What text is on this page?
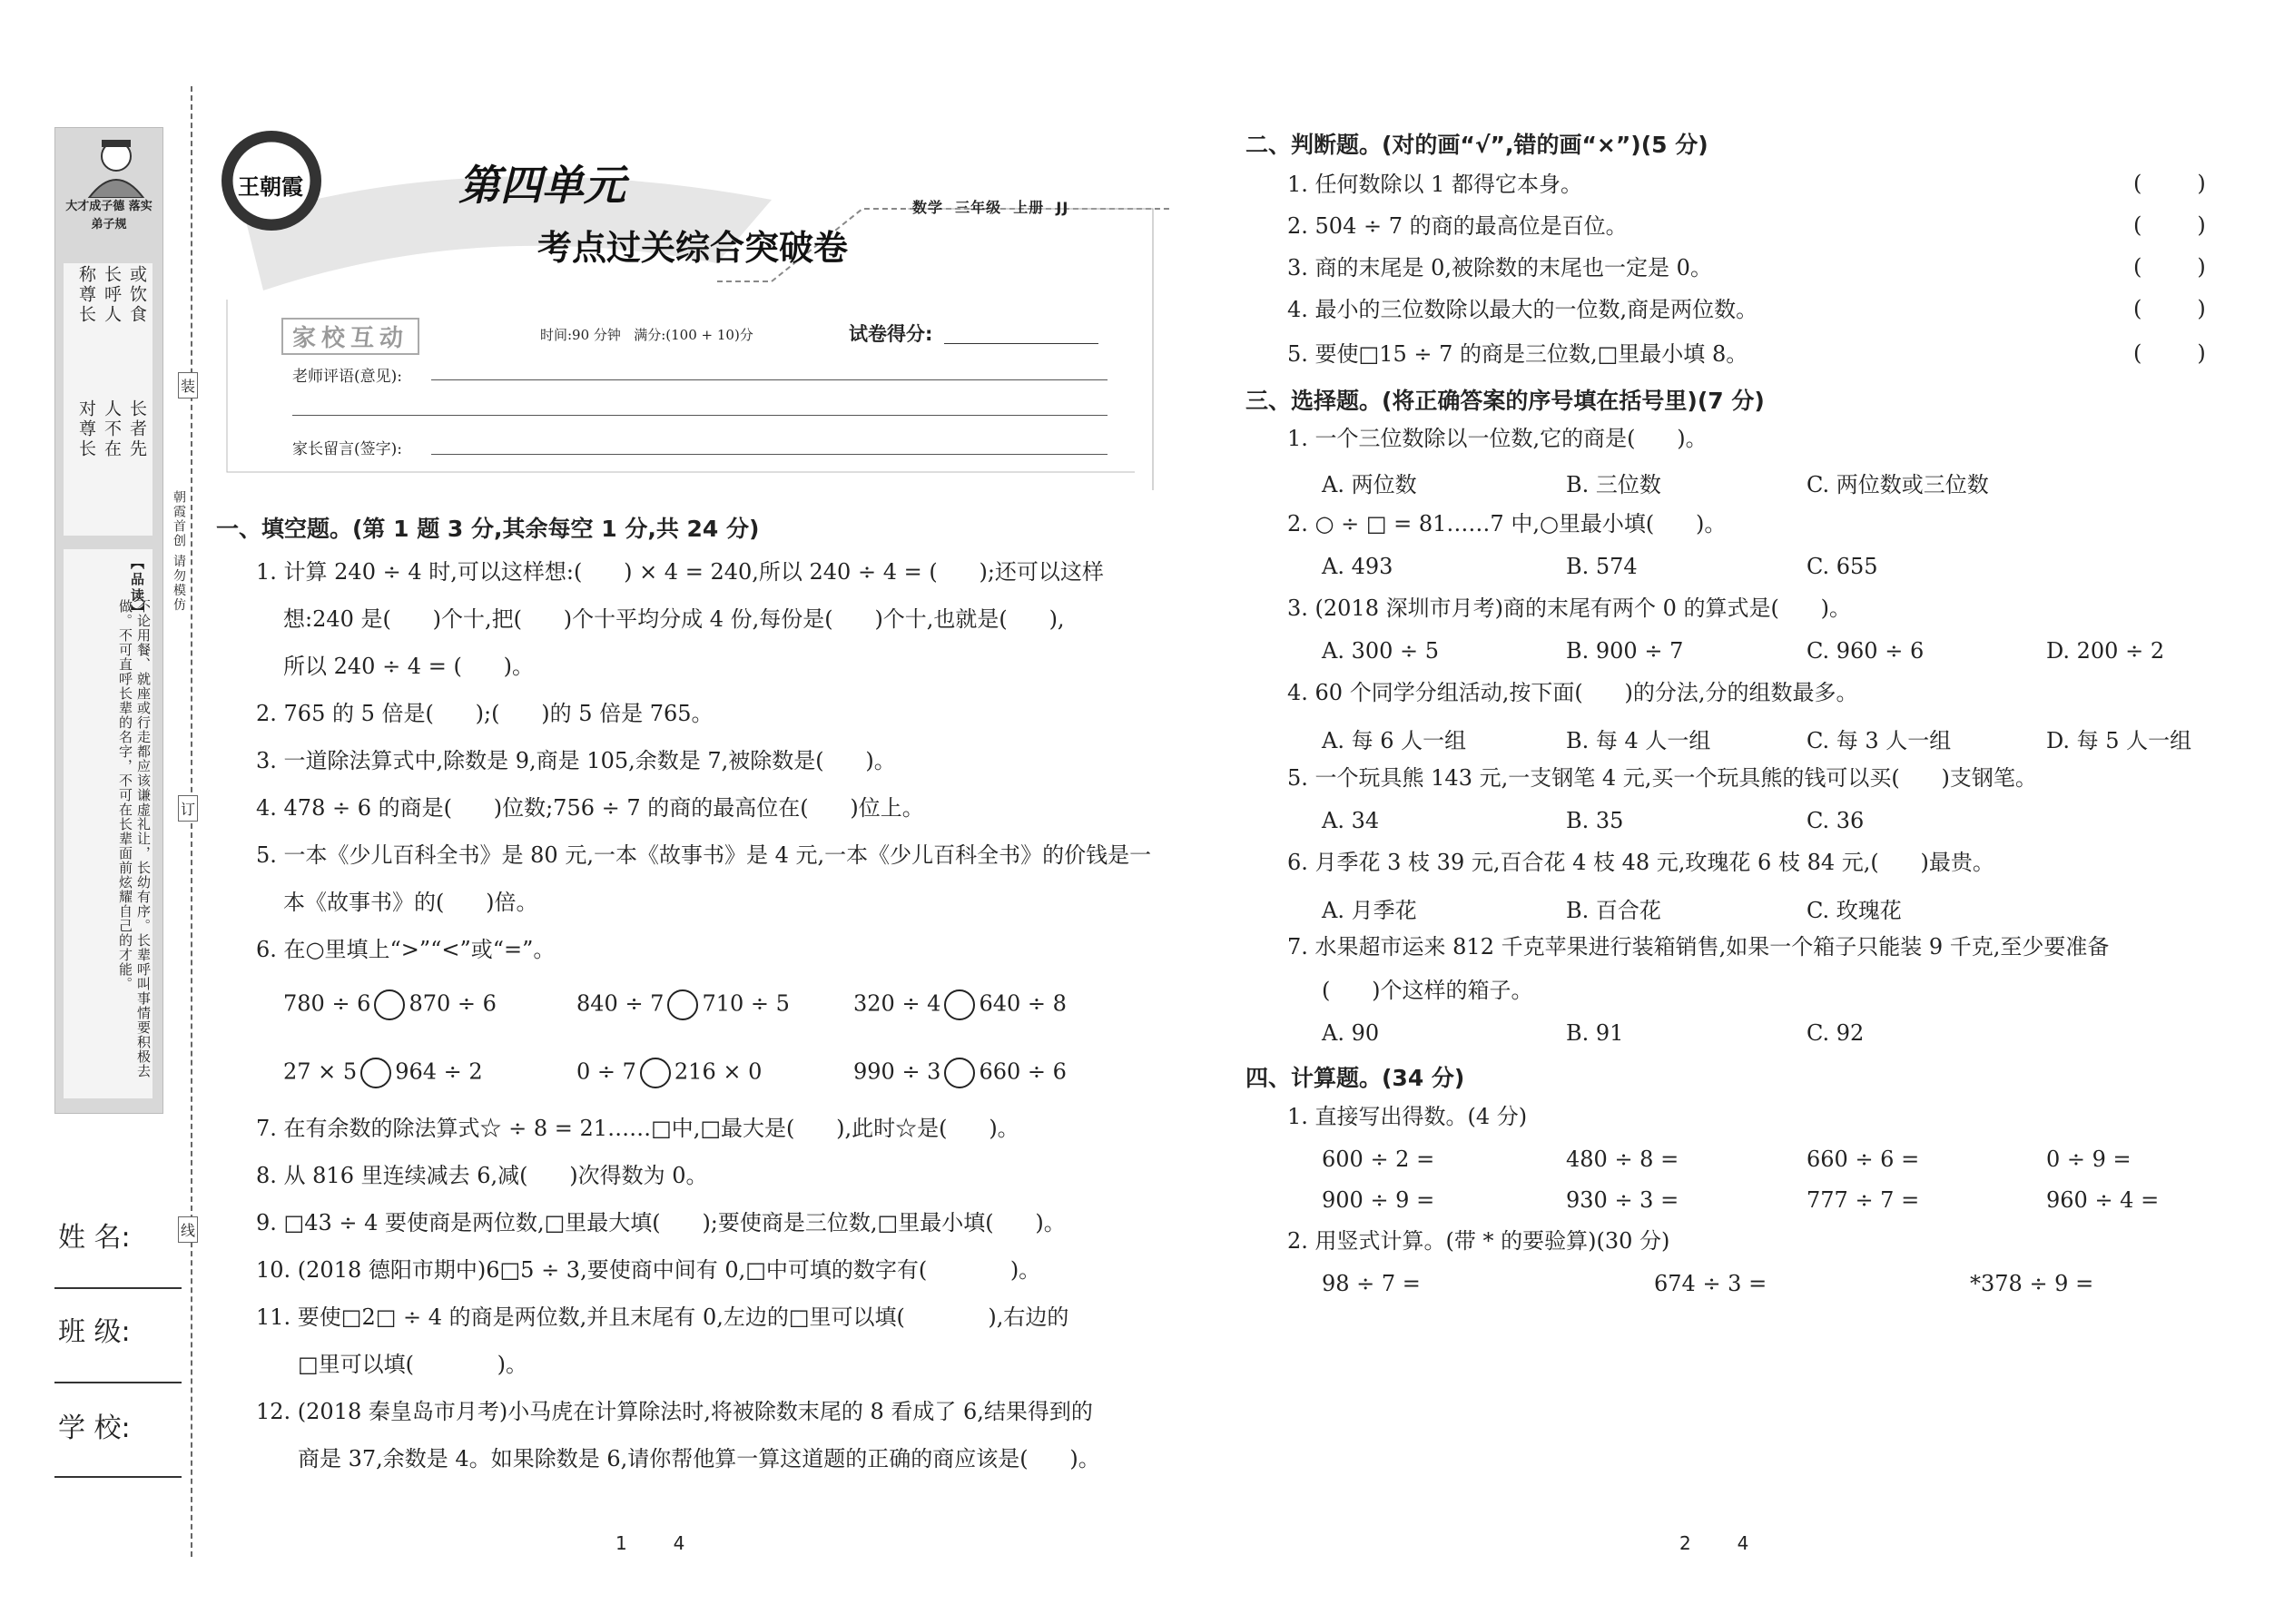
大才成子德 落实弟子规
或饮食
长者先
长呼人
人不在
称尊长
对尊长
【品读】
不论用餐、就座或行走都应该谦虚礼让，长幼有序。长辈呼叫事情要积极去做。不可直呼长辈的名字，不可在长辈面前炫耀自己的才能。
朝霞首创 请勿模仿
装
订
线
姓 名:
班 级:
学 校:
王朝霞	第四单元
考点过关综合突破卷
数学  三年级  上册  JJ
家校互动	时间:90 分钟   满分:(100 + 10)分	试卷得分:
老师评语(意见):
家长留言(签字):
一、填空题。(第 1 题 3 分,其余每空 1 分,共 24 分)
1. 计算 240 ÷ 4 时,可以这样想:(      ) × 4 = 240,所以 240 ÷ 4 = (      );还可以这样
想:240 是(      )个十,把(      )个十平均分成 4 份,每份是(      )个十,也就是(      ),
所以 240 ÷ 4 = (      )。
2. 765 的 5 倍是(      );(      )的 5 倍是 765。
3. 一道除法算式中,除数是 9,商是 105,余数是 7,被除数是(      )。
4. 478 ÷ 6 的商是(      )位数;756 ÷ 7 的商的最高位在(      )位上。
5. 一本《少儿百科全书》是 80 元,一本《故事书》是 4 元,一本《少儿百科全书》的价钱是一
本《故事书》的(      )倍。
6. 在○里填上“>”“<”或“=”。
780 ÷ 6 870 ÷ 6	840 ÷ 7 710 ÷ 5	320 ÷ 4 640 ÷ 8
27 × 5 964 ÷ 2	0 ÷ 7 216 × 0	990 ÷ 3 660 ÷ 6
7. 在有余数的除法算式☆ ÷ 8 = 21……□中,□最大是(      ),此时☆是(      )。
8. 从 816 里连续减去 6,减(      )次得数为 0。
9. □43 ÷ 4 要使商是两位数,□里最大填(      );要使商是三位数,□里最小填(      )。
10. (2018 德阳市期中)6□5 ÷ 3,要使商中间有 0,□中可填的数字有(            )。
11. 要使□2□ ÷ 4 的商是两位数,并且末尾有 0,左边的□里可以填(            ),右边的
□里可以填(            )。
12. (2018 秦皇岛市月考)小马虎在计算除法时,将被除数末尾的 8 看成了 6,结果得到的
商是 37,余数是 4。如果除数是 6,请你帮他算一算这道题的正确的商应该是(      )。
1        4
二、判断题。(对的画“√”,错的画“×”)(5 分)
1. 任何数除以 1 都得它本身。	(        )
2. 504 ÷ 7 的商的最高位是百位。	(        )
3. 商的末尾是 0,被除数的末尾也一定是 0。	(        )
4. 最小的三位数除以最大的一位数,商是两位数。	(        )
5. 要使□15 ÷ 7 的商是三位数,□里最小填 8。	(        )
三、选择题。(将正确答案的序号填在括号里)(7 分)
1. 一个三位数除以一位数,它的商是(      )。
A. 两位数	B. 三位数	C. 两位数或三位数
2. ○ ÷ □ = 81……7 中,○里最小填(      )。
A. 493	B. 574	C. 655
3. (2018 深圳市月考)商的末尾有两个 0 的算式是(      )。
A. 300 ÷ 5	B. 900 ÷ 7	C. 960 ÷ 6	D. 200 ÷ 2
4. 60 个同学分组活动,按下面(      )的分法,分的组数最多。
A. 每 6 人一组	B. 每 4 人一组	C. 每 3 人一组	D. 每 5 人一组
5. 一个玩具熊 143 元,一支钢笔 4 元,买一个玩具熊的钱可以买(      )支钢笔。
A. 34	B. 35	C. 36
6. 月季花 3 枝 39 元,百合花 4 枝 48 元,玫瑰花 6 枝 84 元,(      )最贵。
A. 月季花	B. 百合花	C. 玫瑰花
7. 水果超市运来 812 千克苹果进行装箱销售,如果一个箱子只能装 9 千克,至少要准备
(      )个这样的箱子。
A. 90	B. 91	C. 92
四、计算题。(34 分)
1. 直接写出得数。(4 分)
600 ÷ 2 =	480 ÷ 8 =	660 ÷ 6 =	0 ÷ 9 =
900 ÷ 9 =	930 ÷ 3 =	777 ÷ 7 =	960 ÷ 4 =
2. 用竖式计算。(带 * 的要验算)(30 分)
98 ÷ 7 =	674 ÷ 3 =	*378 ÷ 9 =
2        4
